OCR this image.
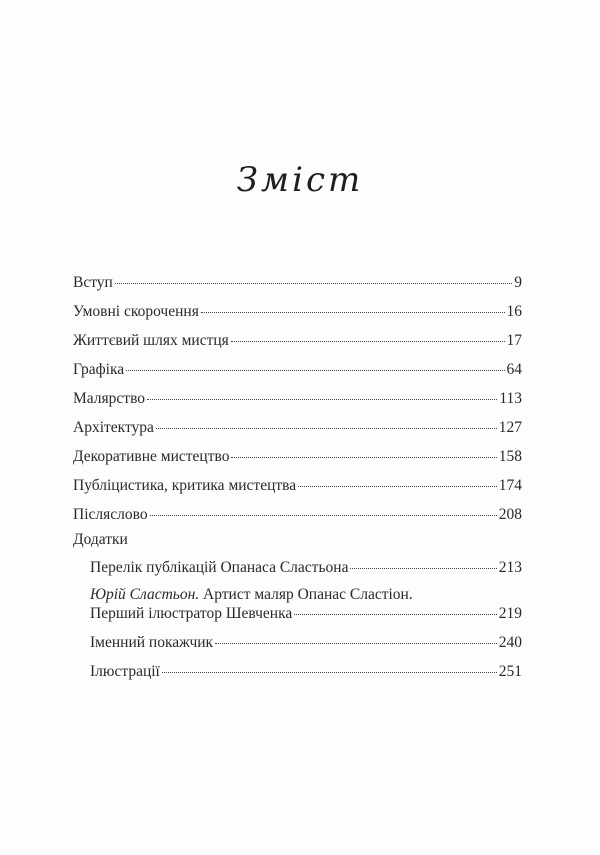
Зміст
Вступ	9
Умовні скорочення	16
Життєвий шлях мистця	17
Графіка	64
Малярство	113
Архітектура	127
Декоративне мистецтво	158
Публіцистика, критика мистецтва	174
Післяслово	208
Додатки
Перелік публікацій Опанаса Сластьона	213
Юрій Сластьон. Артист маляр Опанас Сластіон.
Перший ілюстратор Шевченка	219
Іменний покажчик	240
Ілюстрації	251
